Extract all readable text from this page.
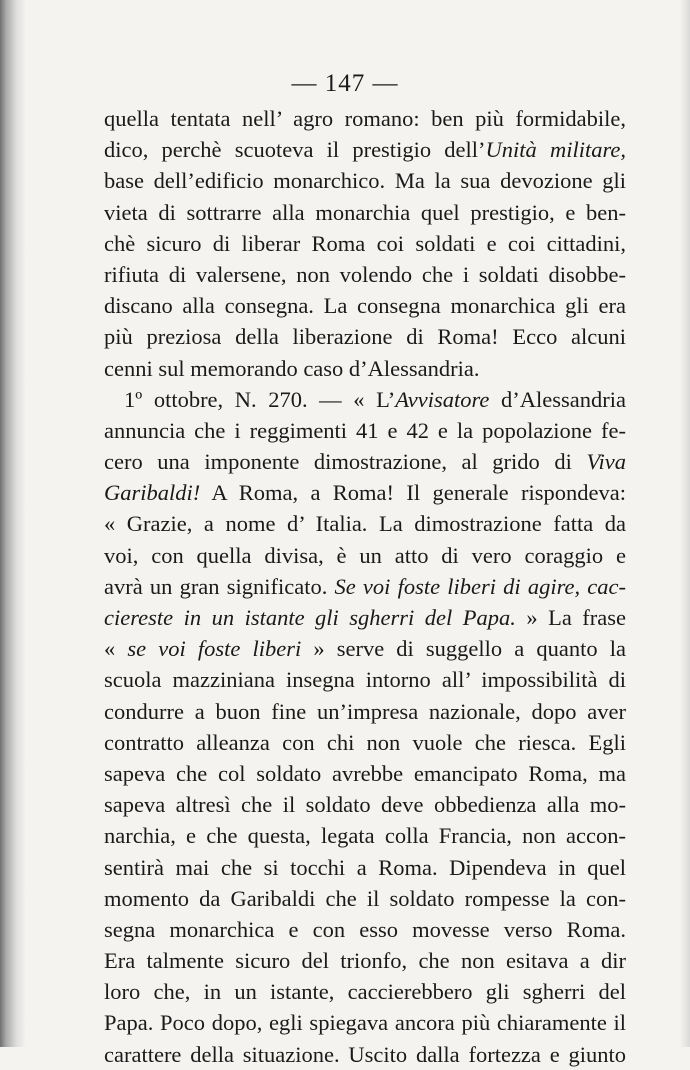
— 147 —

quella tentata nell’ agro romano: ben più formidabile,
dico, perchè scuoteva il prestigio dell’Unità militare,
base dell’edificio monarchico. Ma la sua devozione gli
vieta di sottrarre alla monarchia quel prestigio, e ben-
chè sicuro di liberar Roma coi soldati e coi cittadini,
rifiuta di valersene, non volendo che i soldati disobbe-
discano alla consegna. La consegna monarchica gli era
più preziosa della liberazione di Roma! Ecco alcuni
cenni sul memorando caso d’Alessandria.
1º ottobre, N. 270. — « L’Avvisatore d’Alessandria
annuncia che i reggimenti 41 e 42 e la popolazione fe-
cero una imponente dimostrazione, al grido di Viva
Garibaldi! A Roma, a Roma! Il generale rispondeva:
« Grazie, a nome d’ Italia. La dimostrazione fatta da
voi, con quella divisa, è un atto di vero coraggio e
avrà un gran significato. Se voi foste liberi di agire, cac-
ciereste in un istante gli sgherri del Papa. » La frase
« se voi foste liberi » serve di suggello a quanto la
scuola mazziniana insegna intorno all’ impossibilità di
condurre a buon fine un’impresa nazionale, dopo aver
contratto alleanza con chi non vuole che riesca. Egli
sapeva che col soldato avrebbe emancipato Roma, ma
sapeva altresì che il soldato deve obbedienza alla mo-
narchia, e che questa, legata colla Francia, non accon-
sentirà mai che si tocchi a Roma. Dipendeva in quel
momento da Garibaldi che il soldato rompesse la con-
segna monarchica e con esso movesse verso Roma.
Era talmente sicuro del trionfo, che non esitava a dir
loro che, in un istante, caccierebbero gli sgherri del
Papa. Poco dopo, egli spiegava ancora più chiaramente il
carattere della situazione. Uscito dalla fortezza e giunto
